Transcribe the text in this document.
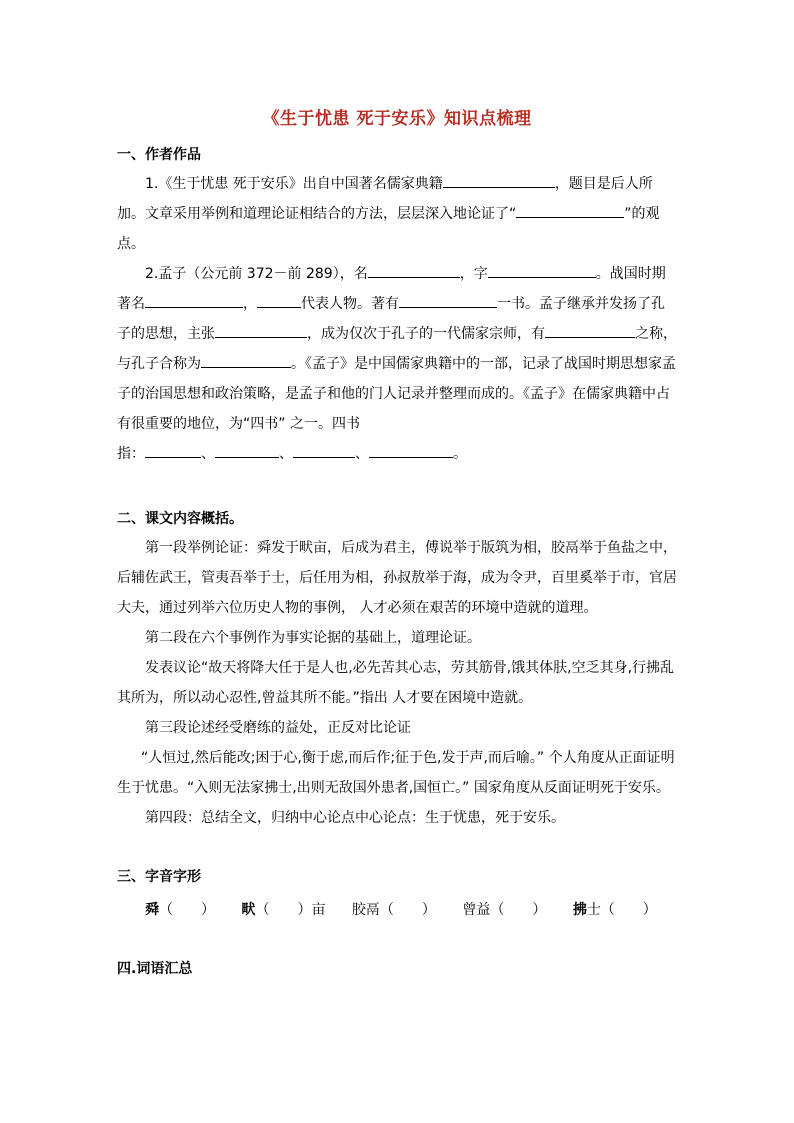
《生于忧患 死于安乐》知识点梳理
一、作者作品
1.《生于忧患 死于安乐》出自中国著名儒家典籍	，题目是后人所加。文章采用举例和道理论证相结合的方法，层层深入地论证了“	”的观点。
2.孟子（公元前 372－前 289），名	，字	。战国时期著名	，	代表人物。著有	一书。孟子继承并发扬了孔子的思想，主张	，成为仅次于孔子的一代儒家宗师，有	之称，与孔子合称为	。《孟子》是中国儒家典籍中的一部，记录了战国时期思想家孟子的治国思想和政治策略，是孟子和他的门人记录并整理而成的。《孟子》在儒家典籍中占有很重要的地位，为“四书” 之一。四书
指：	、	、	、	。
二、课文内容概括。
第一段举例论证：舜发于畎亩，后成为君主，傅说举于版筑为相，胶鬲举于鱼盐之中，后辅佐武王，管夷吾举于士，后任用为相，孙叔敖举于海，成为令尹，百里奚举于市，官居大夫，通过列举六位历史人物的事例， 人才必须在艰苦的环境中造就的道理。
第二段在六个事例作为事实论据的基础上，道理论证。
发表议论“故天将降大任于是人也,必先苦其心志，劳其筋骨,饿其体肤,空乏其身,行拂乱其所为，所以动心忍性,曾益其所不能。”指出 人才要在困境中造就。
第三段论述经受磨练的益处，正反对比论证
“人恒过,然后能改;困于心,衡于虑,而后作;征于色,发于声,而后喻。” 个人角度从正面证明生于忧患。“入则无法家拂士,出则无敌国外患者,国恒亡。” 国家角度从反面证明死于安乐。
第四段：总结全文，归纳中心论点中心论点：生于忧患，死于安乐。
三、字音字形
舜（　　） 畎（　　）亩 胶鬲（　　） 曾益（　　） 拂士（　　）
四.词语汇总
